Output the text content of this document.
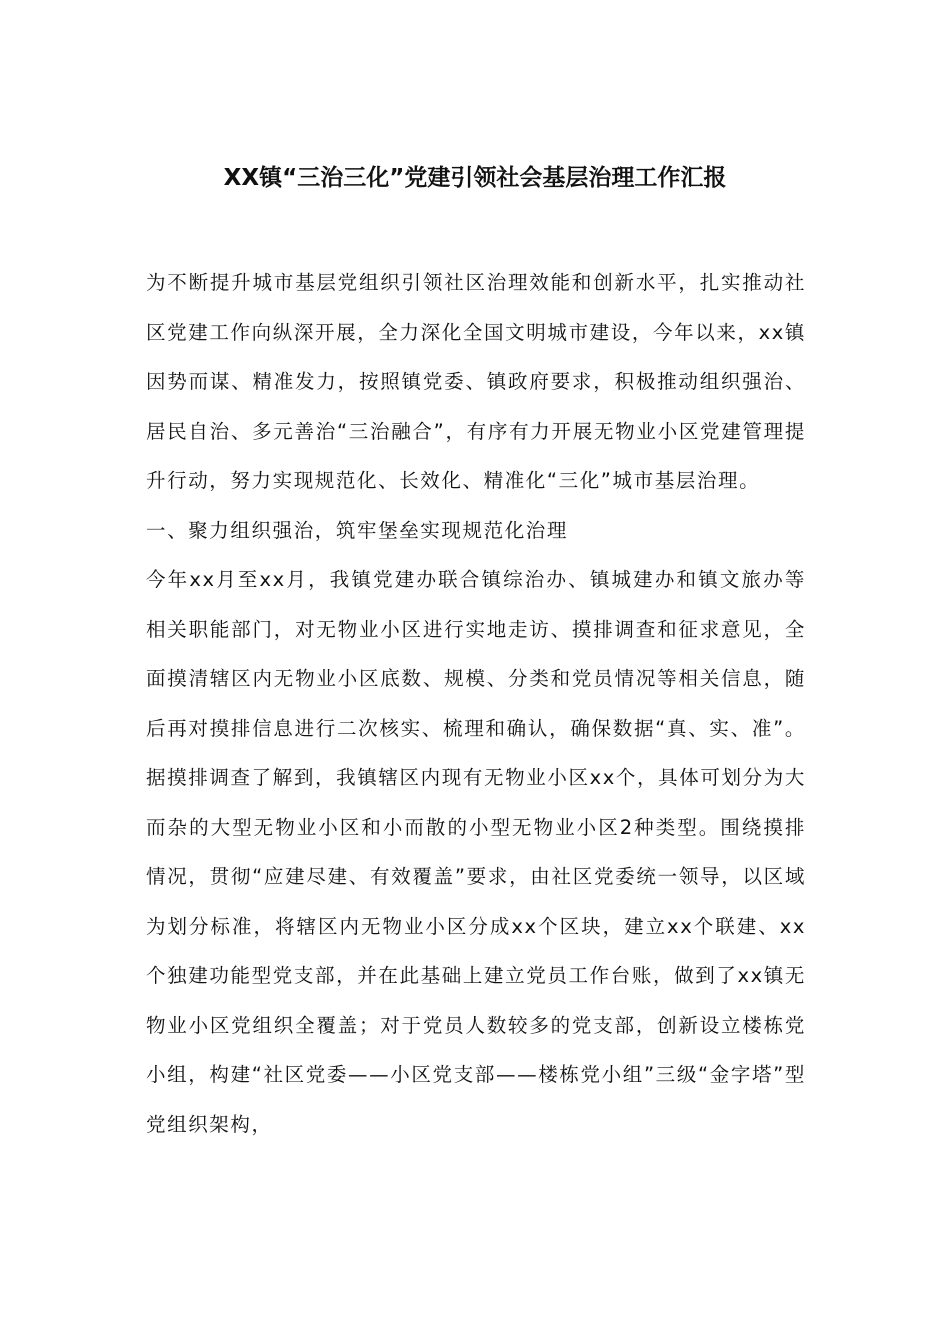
XX镇“三治三化”党建引领社会基层治理工作汇报

为不断提升城市基层党组织引领社区治理效能和创新水平，扎实推动社区党建工作向纵深开展，全力深化全国文明城市建设，今年以来，xx镇因势而谋、精准发力，按照镇党委、镇政府要求，积极推动组织强治、居民自治、多元善治“三治融合”，有序有力开展无物业小区党建管理提升行动，努力实现规范化、长效化、精准化“三化”城市基层治理。

一、聚力组织强治，筑牢堡垒实现规范化治理

今年xx月至xx月，我镇党建办联合镇综治办、镇城建办和镇文旅办等相关职能部门，对无物业小区进行实地走访、摸排调查和征求意见，全面摸清辖区内无物业小区底数、规模、分类和党员情况等相关信息，随后再对摸排信息进行二次核实、梳理和确认，确保数据“真、实、准”。据摸排调查了解到，我镇辖区内现有无物业小区xx个，具体可划分为大而杂的大型无物业小区和小而散的小型无物业小区2种类型。围绕摸排情况，贯彻“应建尽建、有效覆盖”要求，由社区党委统一领导，以区域为划分标准，将辖区内无物业小区分成xx个区块，建立xx个联建、xx个独建功能型党支部，并在此基础上建立党员工作台账，做到了xx镇无物业小区党组织全覆盖；对于党员人数较多的党支部，创新设立楼栋党小组，构建“社区党委——小区党支部——楼栋党小组”三级“金字塔”型党组织架构，
